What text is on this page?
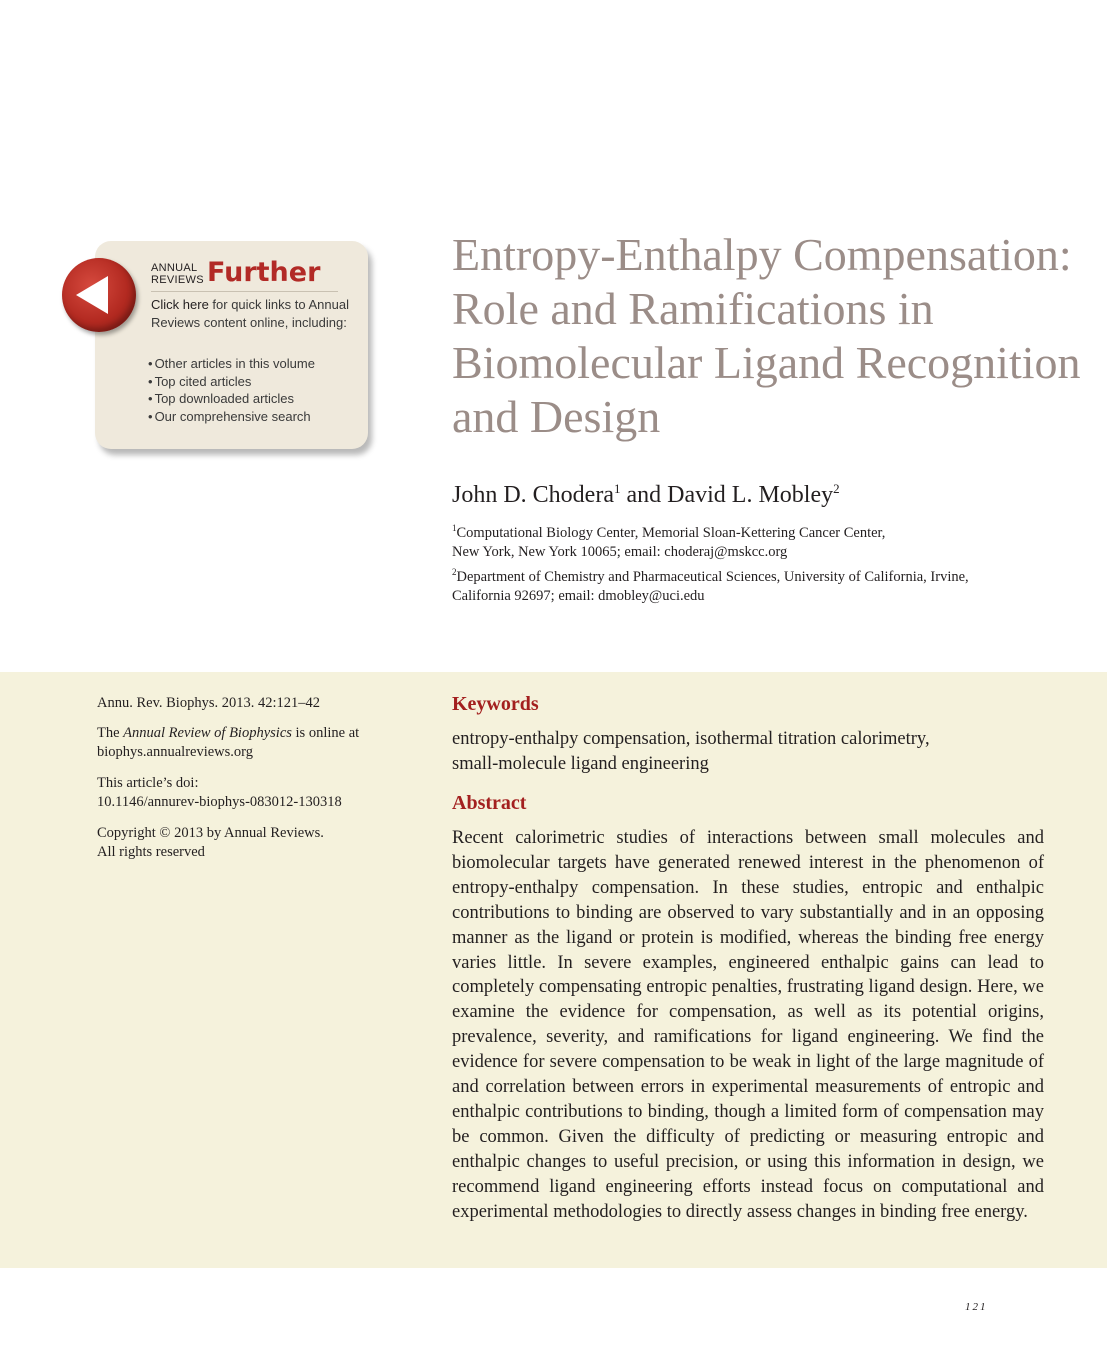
ANNUAL
REVIEWS Further
Click here for quick links to Annual Reviews content online, including:
• Other articles in this volume
• Top cited articles
• Top downloaded articles
• Our comprehensive search
Entropy-Enthalpy Compensation: Role and Ramifications in Biomolecular Ligand Recognition and Design
John D. Chodera$^1$ and David L. Mobley$^2$
$^1$Computational Biology Center, Memorial Sloan-Kettering Cancer Center,
New York, New York 10065; email: choderaj@mskcc.org
$^2$Department of Chemistry and Pharmaceutical Sciences, University of California, Irvine,
California 92697; email: dmobley@uci.edu
Annu. Rev. Biophys. 2013. 42:121–42
The Annual Review of Biophysics is online at
biophys.annualreviews.org
This article’s doi:
10.1146/annurev-biophys-083012-130318
Copyright © 2013 by Annual Reviews.
All rights reserved
Keywords
entropy-enthalpy compensation, isothermal titration calorimetry,
small-molecule ligand engineering
Abstract

Recent calorimetric studies of interactions between small molecules and biomolecular targets have generated renewed interest in the phenomenon of entropy-enthalpy compensation. In these studies, entropic and enthalpic contributions to binding are observed to vary substantially and in an opposing manner as the ligand or protein is modified, whereas the binding free energy varies little. In severe examples, engineered enthalpic gains can lead to completely compensating entropic penalties, frustrating ligand design. Here, we examine the evidence for compensation, as well as its potential origins, prevalence, severity, and ramifications for ligand engineering. We find the evidence for severe compensation to be weak in light of the large magnitude of and correlation between errors in experimental measurements of entropic and enthalpic contributions to binding, though a limited form of compensation may be common. Given the difficulty of predicting or measuring entropic and enthalpic changes to useful precision, or using this information in design, we recommend ligand engineering efforts instead focus on computational and experimental methodologies to directly assess changes in binding free energy.

121
